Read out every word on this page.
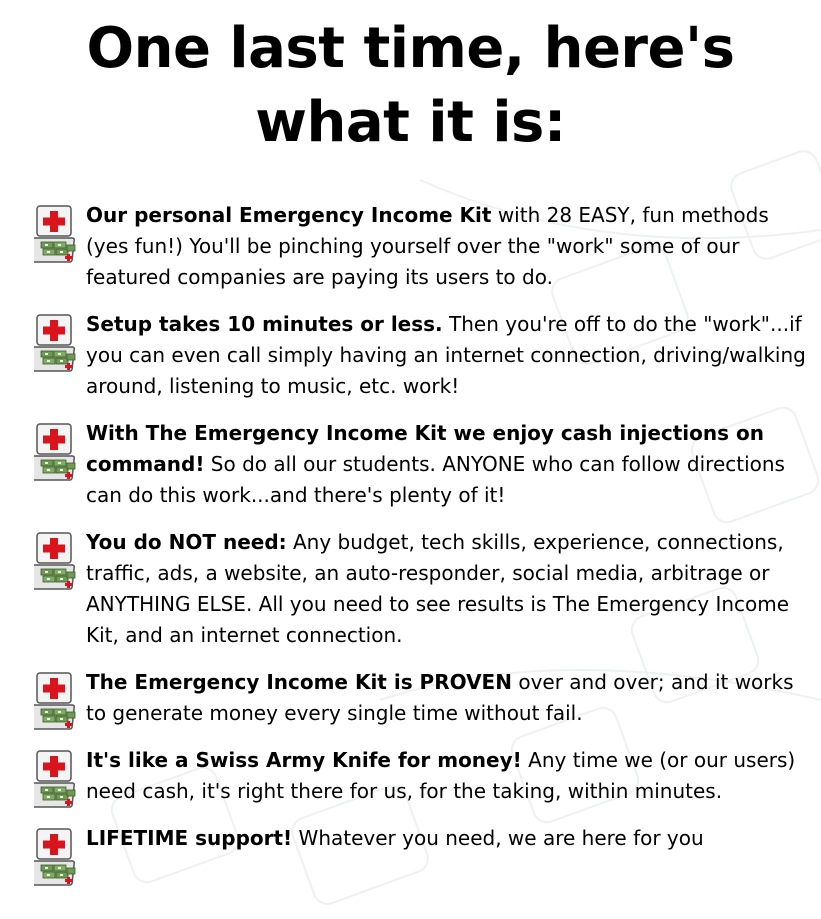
One last time, here's
what it is:
Our personal Emergency Income Kit with 28 EASY, fun methods (yes fun!) You'll be pinching yourself over the "work" some of our featured companies are paying its users to do.
Setup takes 10 minutes or less. Then you're off to do the "work"...if you can even call simply having an internet connection, driving/walking around, listening to music, etc. work!
With The Emergency Income Kit we enjoy cash injections on command! So do all our students. ANYONE who can follow directions can do this work...and there's plenty of it!
You do NOT need: Any budget, tech skills, experience, connections, traffic, ads, a website, an auto-responder, social media, arbitrage or ANYTHING ELSE. All you need to see results is The Emergency Income Kit, and an internet connection.
The Emergency Income Kit is PROVEN over and over; and it works to generate money every single time without fail.
It's like a Swiss Army Knife for money! Any time we (or our users) need cash, it's right there for us, for the taking, within minutes.
LIFETIME support! Whatever you need, we are here for you
